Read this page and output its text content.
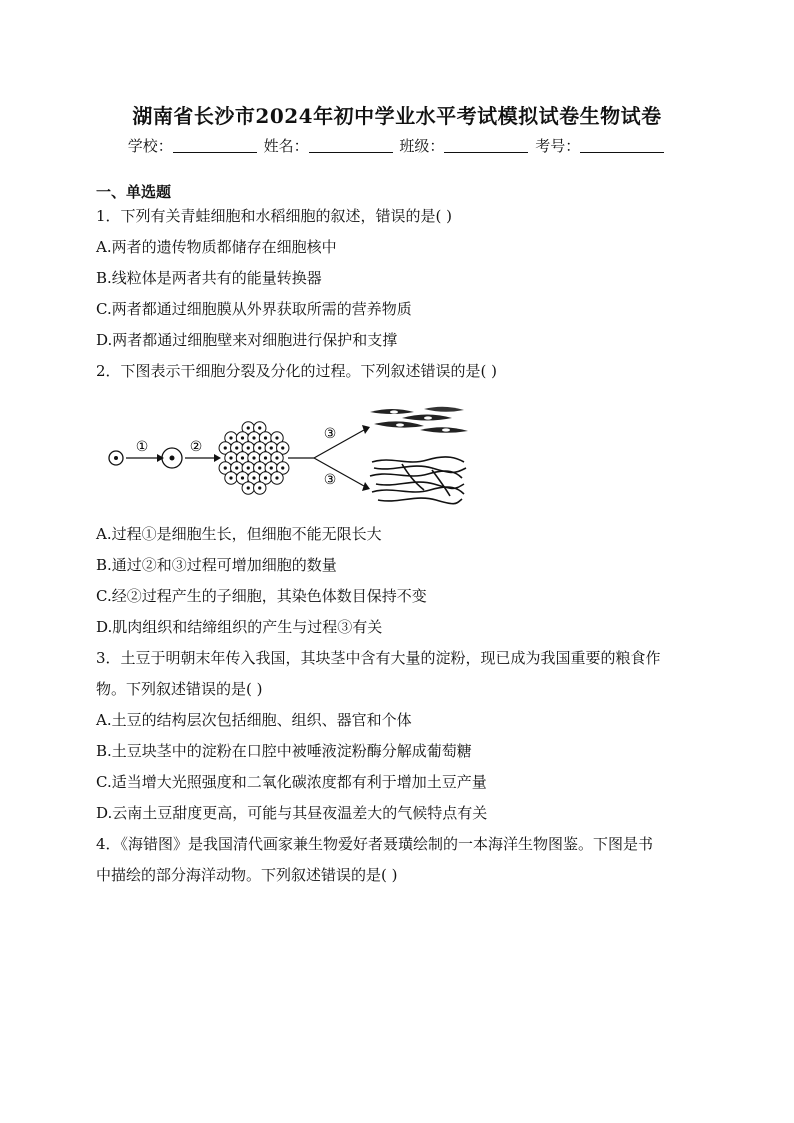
湖南省长沙市2024年初中学业水平考试模拟试卷生物试卷
学校：	姓名：	班级：	考号：
一、单选题
1．下列有关青蛙细胞和水稻细胞的叙述，错误的是( )
A.两者的遗传物质都储存在细胞核中
B.线粒体是两者共有的能量转换器
C.两者都通过细胞膜从外界获取所需的营养物质
D.两者都通过细胞壁来对细胞进行保护和支撑
2．下图表示干细胞分裂及分化的过程。下列叙述错误的是( )
①	②
③
③
A.过程①是细胞生长，但细胞不能无限长大
B.通过②和③过程可增加细胞的数量
C.经②过程产生的子细胞，其染色体数目保持不变
D.肌肉组织和结缔组织的产生与过程③有关
3．土豆于明朝末年传入我国，其块茎中含有大量的淀粉，现已成为我国重要的粮食作
物。下列叙述错误的是( )
A.土豆的结构层次包括细胞、组织、器官和个体
B.土豆块茎中的淀粉在口腔中被唾液淀粉酶分解成葡萄糖
C.适当增大光照强度和二氧化碳浓度都有利于增加土豆产量
D.云南土豆甜度更高，可能与其昼夜温差大的气候特点有关
4．《海错图》是我国清代画家兼生物爱好者聂璜绘制的一本海洋生物图鉴。下图是书
中描绘的部分海洋动物。下列叙述错误的是( )
